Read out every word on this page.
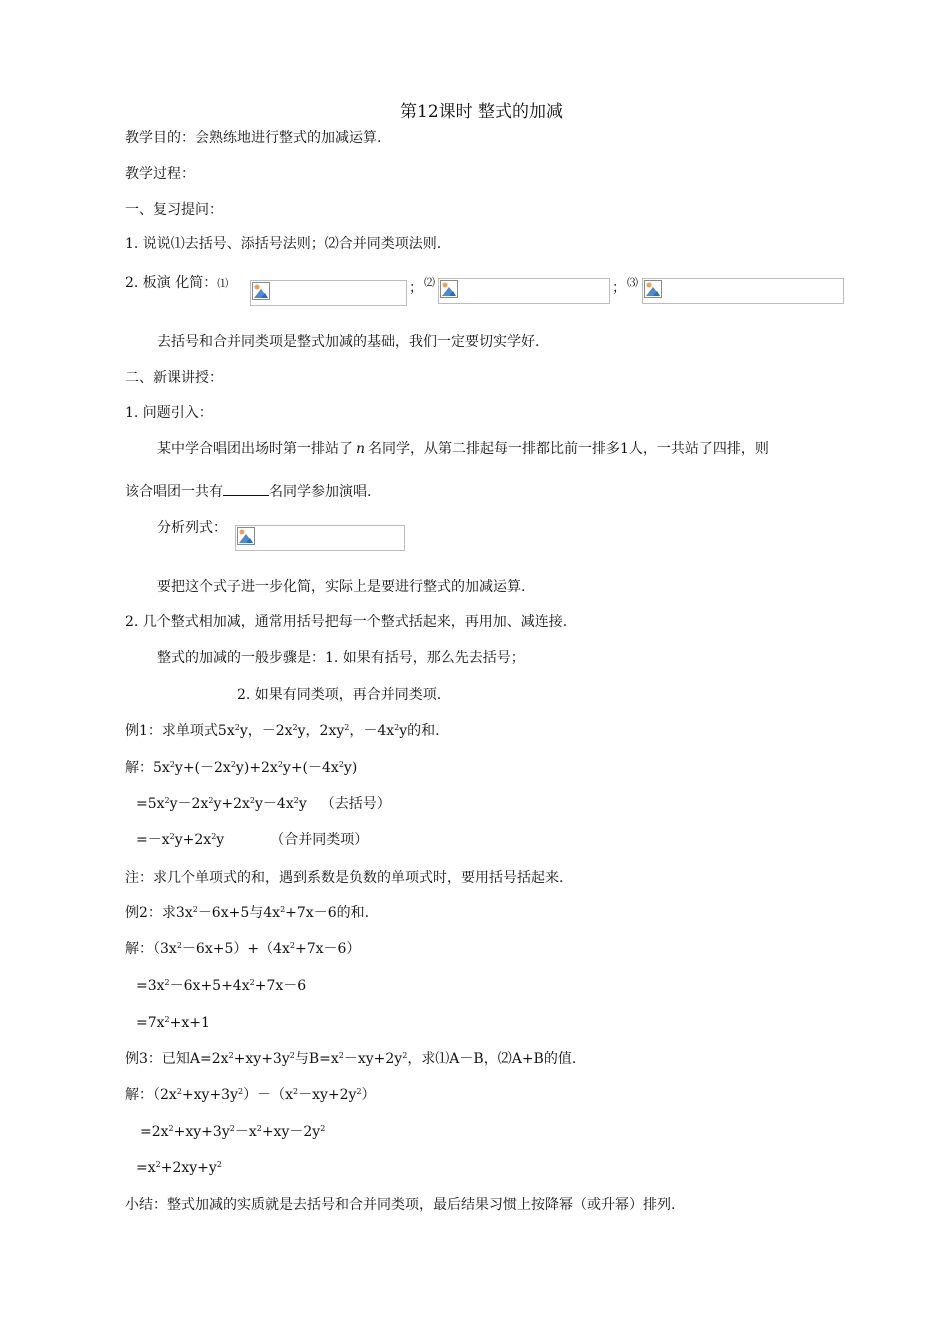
第12课时 整式的加减
教学目的：会熟练地进行整式的加减运算.
教学过程：
一、复习提问：
1. 说说⑴去括号、添括号法则；⑵合并同类项法则.
2. 板演 化简：⑴	； ⑵	； ⑶
去括号和合并同类项是整式加减的基础，我们一定要切实学好.
二、新课讲授：
1. 问题引入：
某中学合唱团出场时第一排站了 n 名同学，从第二排起每一排都比前一排多1人，一共站了四排，则
该合唱团一共有	名同学参加演唱.
分析列式：
要把这个式子进一步化简，实际上是要进行整式的加减运算.
2. 几个整式相加减，通常用括号把每一个整式括起来，再用加、减连接.
整式的加减的一般步骤是：1. 如果有括号，那么先去括号；
2. 如果有同类项，再合并同类项.
例1：求单项式$5x^2y$，$-2x^2y$，$2xy^2$，$-4x^2y$的和.
解：$5x^2y+(-2x^2y)+2x^2y+(-4x^2y)$
$=5x^2y-2x^2y+2x^2y-4x^2y$ （去括号）
$=-x^2y+2x^2y$	（合并同类项）
注：求几个单项式的和，遇到系数是负数的单项式时，要用括号括起来.
例2：求$3x^2-6x+5$与$4x^2+7x-6$的和.
解：$(3x^2-6x+5)+(4x^2+7x-6)$
$=3x^2-6x+5+4x^2+7x-6$
$=7x^2+x+1$
例3：已知$A=2x^2+xy+3y^2$与$B=x^2-xy+2y^2$，求⑴A－B，⑵A+B的值.
解：$(2x^2+xy+3y^2)-(x^2-xy+2y^2)$
$=2x^2+xy+3y^2-x^2+xy-2y^2$
$=x^2+2xy+y^2$
小结：整式加减的实质就是去括号和合并同类项，最后结果习惯上按降幂（或升幂）排列.
